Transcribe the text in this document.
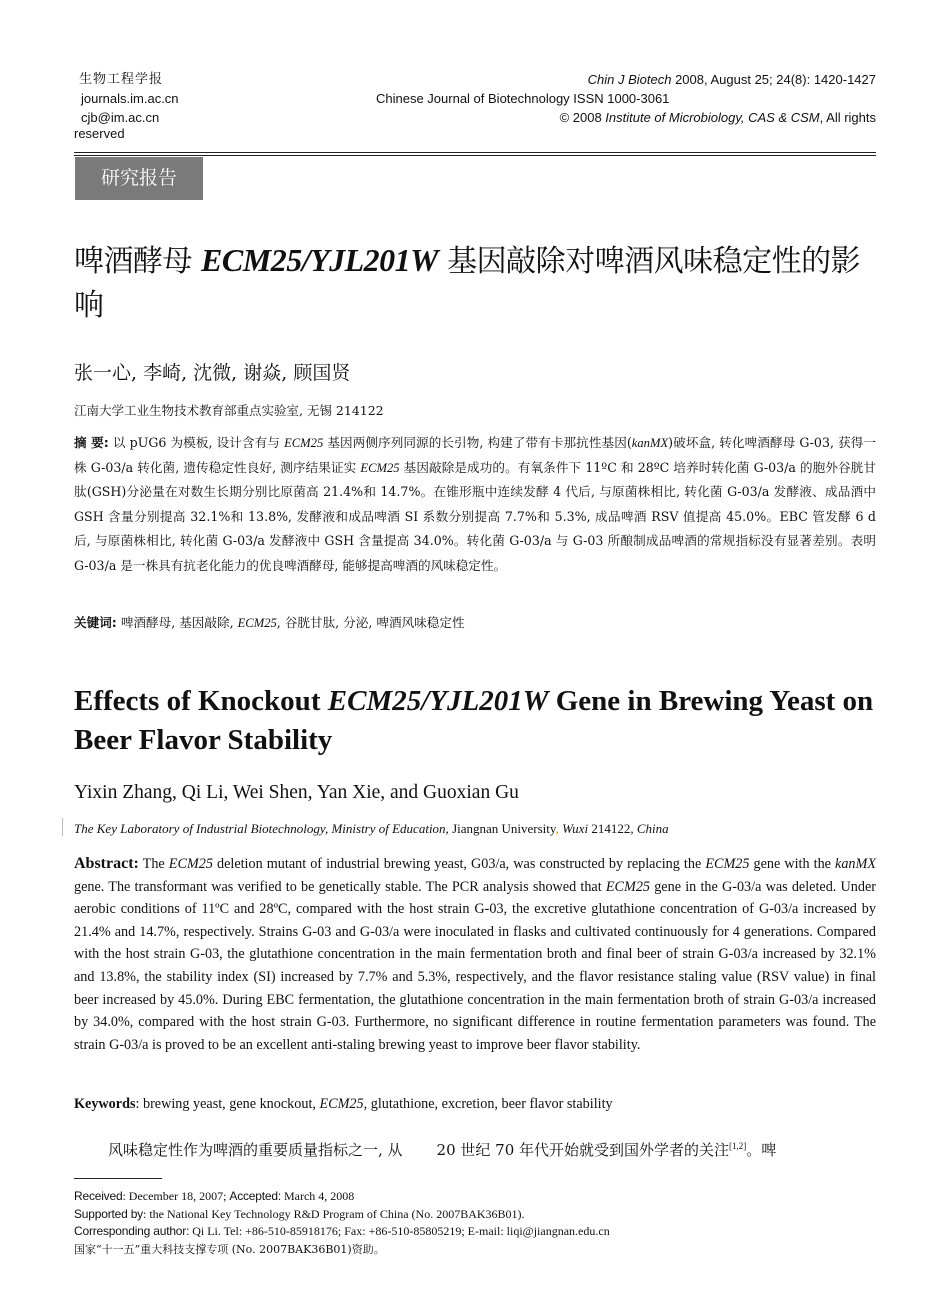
生物工程学报
journals.im.ac.cn
cjb@im.ac.cn
reserved
Chinese Journal of Biotechnology ISSN 1000-3061
Chin J Biotech 2008, August 25; 24(8): 1420-1427

© 2008 Institute of Microbiology, CAS & CSM, All rights
研究报告
啤酒酵母 ECM25/YJL201W 基因敲除对啤酒风味稳定性的影响
张一心, 李崎, 沈微, 谢焱, 顾国贤
江南大学工业生物技术教育部重点实验室, 无锡 214122
摘 要: 以 pUG6 为模板, 设计含有与 ECM25 基因两侧序列同源的长引物, 构建了带有卡那抗性基因(kanMX)破坏盒, 转化啤酒酵母 G-03, 获得一株 G-03/a 转化菌, 遗传稳定性良好, 测序结果证实 ECM25 基因敲除是成功的。有氧条件下 11ºC 和 28ºC 培养时转化菌 G-03/a 的胞外谷胱甘肽(GSH)分泌量在对数生长期分别比原菌高 21.4%和 14.7%。在锥形瓶中连续发酵 4 代后, 与原菌株相比, 转化菌 G-03/a 发酵液、成品酒中 GSH 含量分别提高 32.1%和 13.8%, 发酵液和成品啤酒 SI 系数分别提高 7.7%和 5.3%, 成品啤酒 RSV 值提高 45.0%。EBC 管发酵 6 d 后, 与原菌株相比, 转化菌 G-03/a 发酵液中 GSH 含量提高 34.0%。转化菌 G-03/a 与 G-03 所酿制成品啤酒的常规指标没有显著差别。表明 G-03/a 是一株具有抗老化能力的优良啤酒酵母, 能够提高啤酒的风味稳定性。
关键词: 啤酒酵母, 基因敲除, ECM25, 谷胱甘肽, 分泌, 啤酒风味稳定性
Effects of Knockout ECM25/YJL201W Gene in Brewing Yeast on Beer Flavor Stability
Yixin Zhang, Qi Li, Wei Shen, Yan Xie, and Guoxian Gu
The Key Laboratory of Industrial Biotechnology, Ministry of Education, Jiangnan University, Wuxi 214122, China
Abstract: The ECM25 deletion mutant of industrial brewing yeast, G03/a, was constructed by replacing the ECM25 gene with the kanMX gene. The transformant was verified to be genetically stable. The PCR analysis showed that ECM25 gene in the G-03/a was deleted. Under aerobic conditions of 11ºC and 28ºC, compared with the host strain G-03, the excretive glutathione concentration of G-03/a increased by 21.4% and 14.7%, respectively. Strains G-03 and G-03/a were inoculated in flasks and cultivated continuously for 4 generations. Compared with the host strain G-03, the glutathione concentration in the main fermentation broth and final beer of strain G-03/a increased by 32.1% and 13.8%, the stability index (SI) increased by 7.7% and 5.3%, respectively, and the flavor resistance staling value (RSV value) in final beer increased by 45.0%. During EBC fermentation, the glutathione concentration in the main fermentation broth of strain G-03/a increased by 34.0%, compared with the host strain G-03. Furthermore, no significant difference in routine fermentation parameters was found. The strain G-03/a is proved to be an excellent anti-staling brewing yeast to improve beer flavor stability.
Keywords: brewing yeast, gene knockout, ECM25, glutathione, excretion, beer flavor stability
风味稳定性作为啤酒的重要质量指标之一, 从 20 世纪 70 年代开始就受到国外学者的关注[1,2]。啤
Received: December 18, 2007; Accepted: March 4, 2008
Supported by: the National Key Technology R&D Program of China (No. 2007BAK36B01).
Corresponding author: Qi Li. Tel: +86-510-85918176; Fax: +86-510-85805219; E-mail: liqi@jiangnan.edu.cn
国家“十一五”重大科技支撑专项 (No. 2007BAK36B01)资助。
